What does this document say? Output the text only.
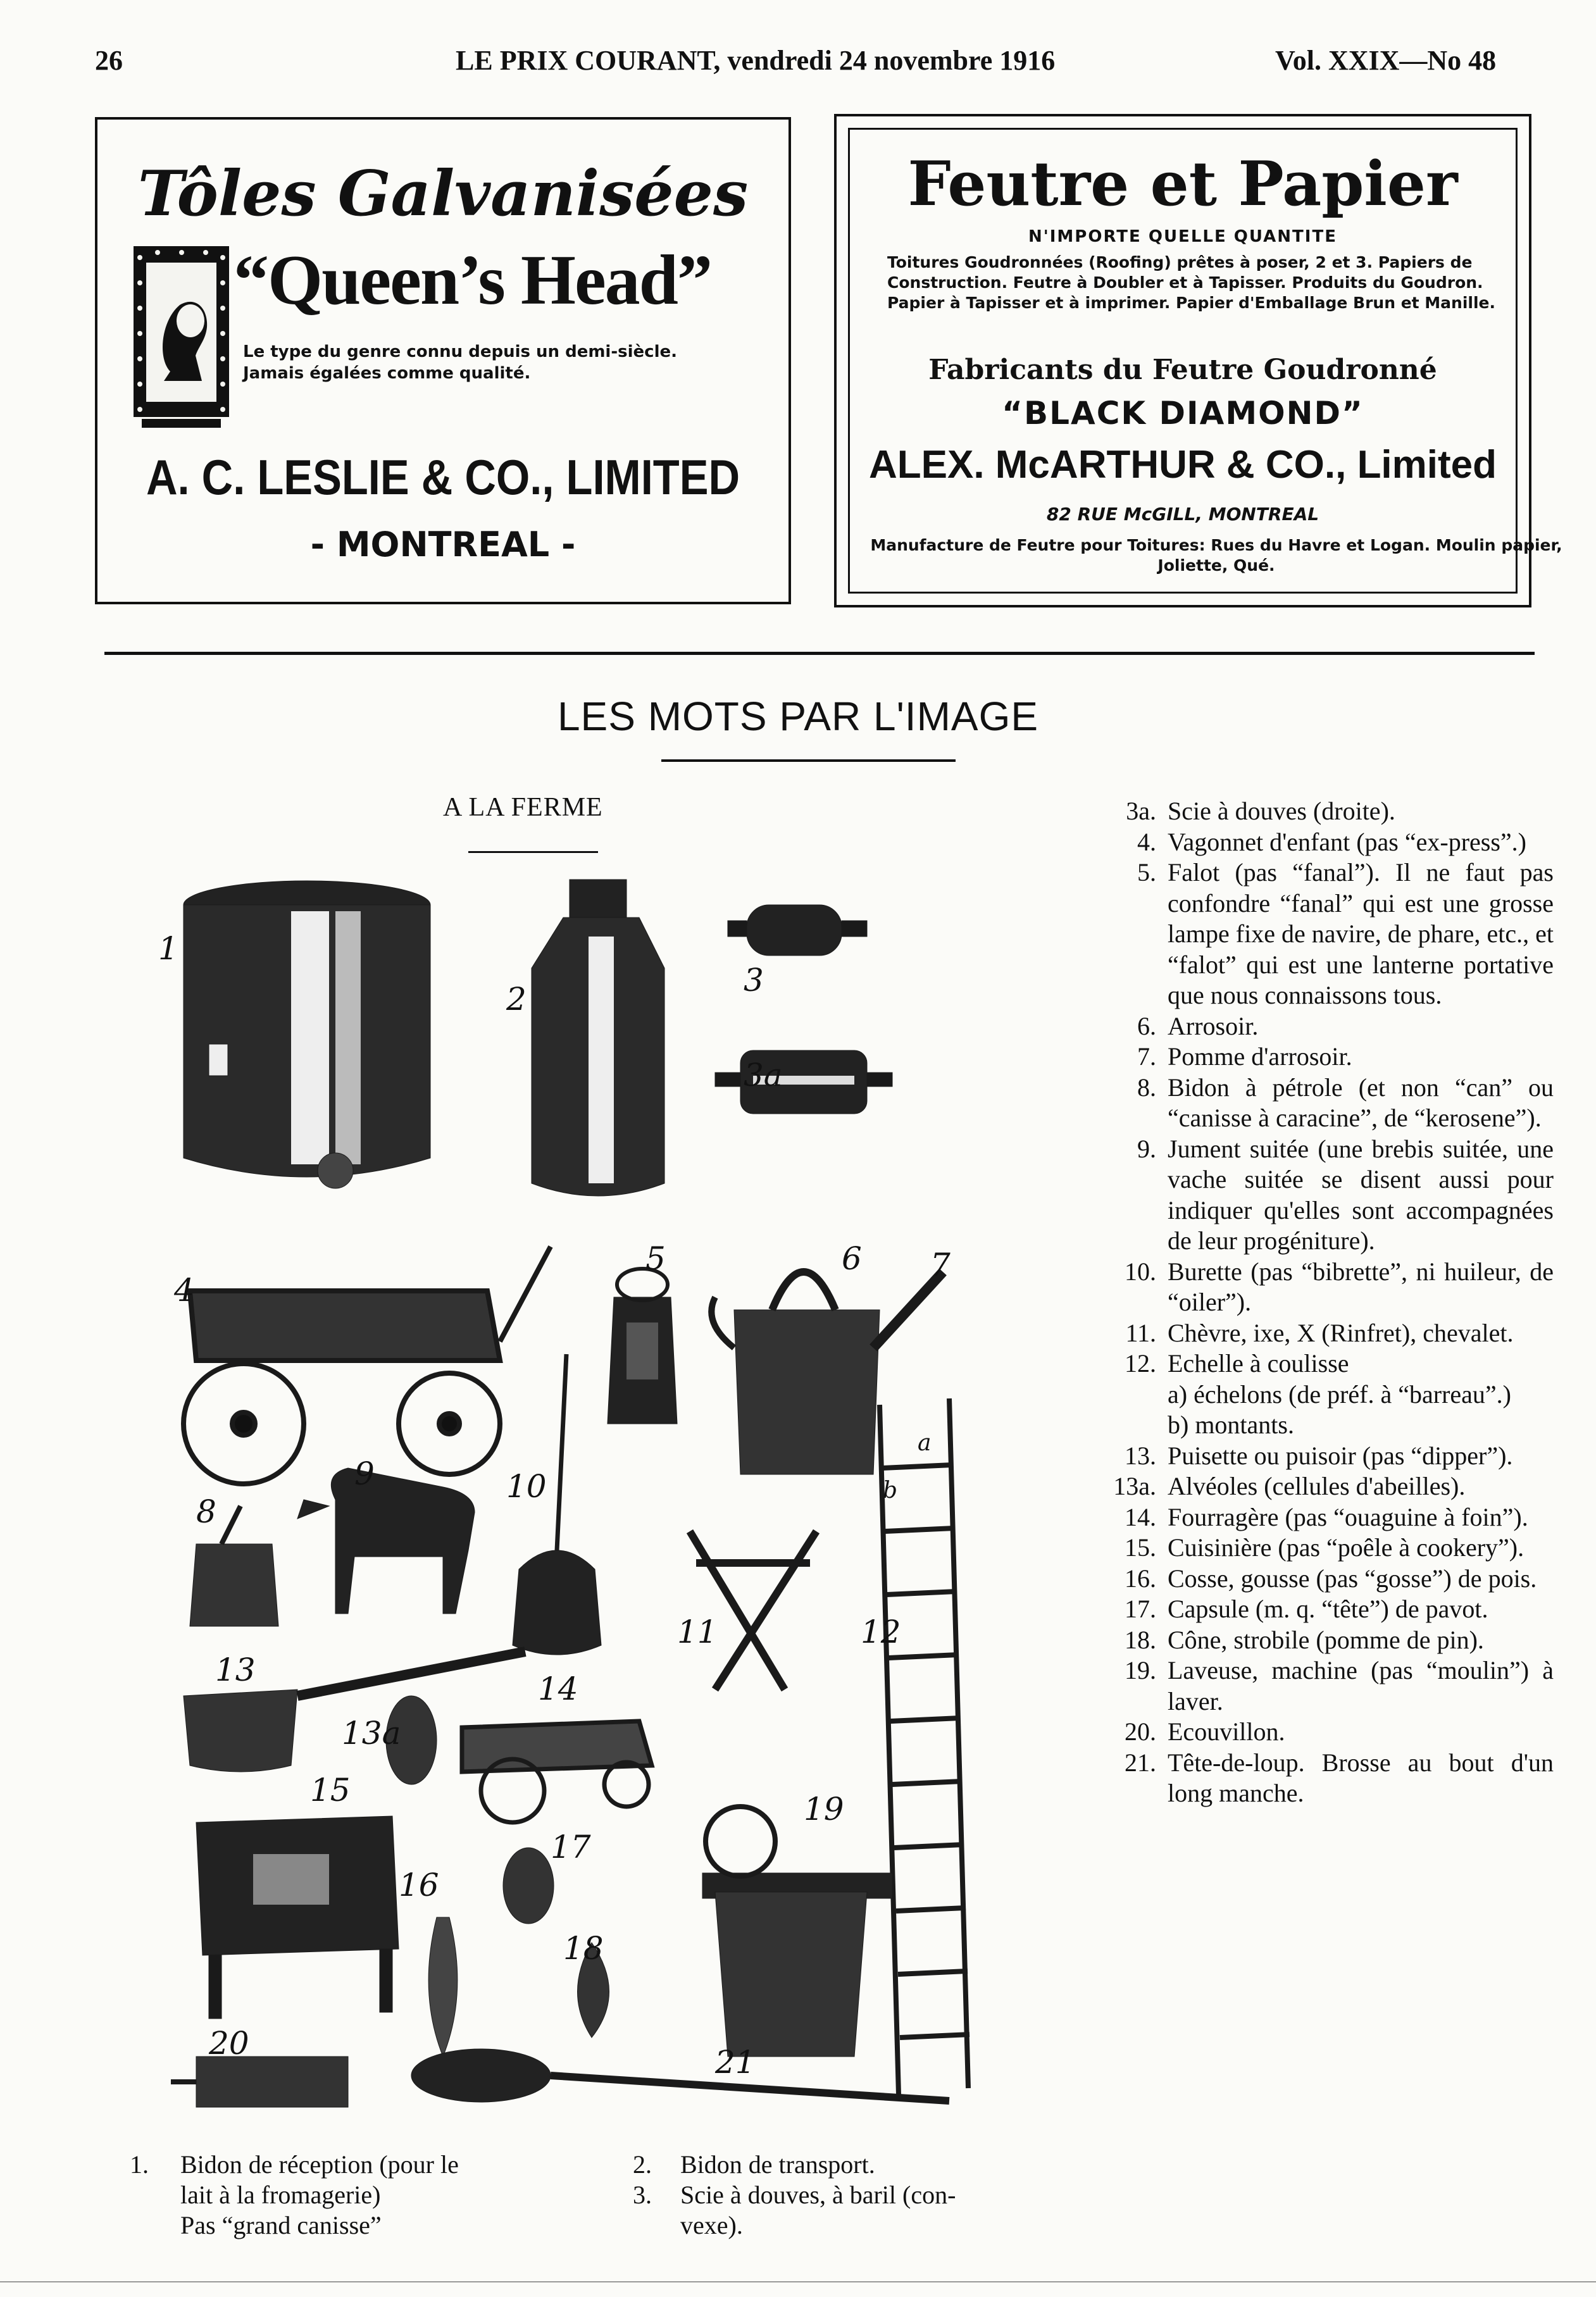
26	LE PRIX COURANT, vendredi 24 novembre 1916	Vol. XXIX—No 48
Tôles Galvanisées
“Queen’s Head”
Le type du genre connu depuis un demi-siècle.
Jamais égalées comme qualité.
A. C. LESLIE & CO., LIMITED
- MONTREAL -
Feutre et Papier
N'IMPORTE QUELLE QUANTITE
Toitures Goudronnées (Roofing) prêtes à poser, 2 et 3. Papiers de Construction. Feutre à Doubler et à Tapisser. Produits du Goudron. Papier à Tapisser et à imprimer. Papier d'Emballage Brun et Manille.
Fabricants du Feutre Goudronné
“BLACK DIAMOND”
ALEX. McARTHUR & CO., Limited
82 RUE McGILL, MONTREAL
Manufacture de Feutre pour Toitures: Rues du Havre et Logan. Moulin papier, Joliette, Qué.
LES MOTS PAR L'IMAGE
A LA FERME
1
2
3
3a
4
5	6 7
8
9	10
11	12
13
13a
14
15
16
17
18
19
20
21
a
b
1. Bidon de réception (pour le
lait à la fromagerie)
Pas “grand canisse”
2. Bidon de transport.
3. Scie à douves, à baril (con-
vexe).
3a. Scie à douves (droite).
4. Vagonnet d'enfant (pas “ex-press”.)
5. Falot (pas “fanal”). Il ne faut pas confondre “fanal” qui est une grosse lampe fixe de navire, de phare, etc., et “falot” qui est une lanterne portative que nous connaissons tous.
6. Arrosoir.
7. Pomme d'arrosoir.
8. Bidon à pétrole (et non “can” ou “canisse à caracine”, de “kerosene”).
9. Jument suitée (une brebis suitée, une vache suitée se disent aussi pour indiquer qu'elles sont accompagnées de leur progéniture).
10. Burette (pas “bibrette”, ni huileur, de “oiler”).
11. Chèvre, ixe, X (Rinfret), chevalet.
12. Echelle à coulisse
a) échelons (de préf. à “barreau”.)
b) montants.
13. Puisette ou puisoir (pas “dipper”).
13a. Alvéoles (cellules d'abeilles).
14. Fourragère (pas “ouaguine à foin”).
15. Cuisinière (pas “poêle à cookery”).
16. Cosse, gousse (pas “gosse”) de pois.
17. Capsule (m. q. “tête”) de pavot.
18. Cône, strobile (pomme de pin).
19. Laveuse, machine (pas “moulin”) à laver.
20. Ecouvillon.
21. Tête-de-loup. Brosse au bout d'un long manche.
